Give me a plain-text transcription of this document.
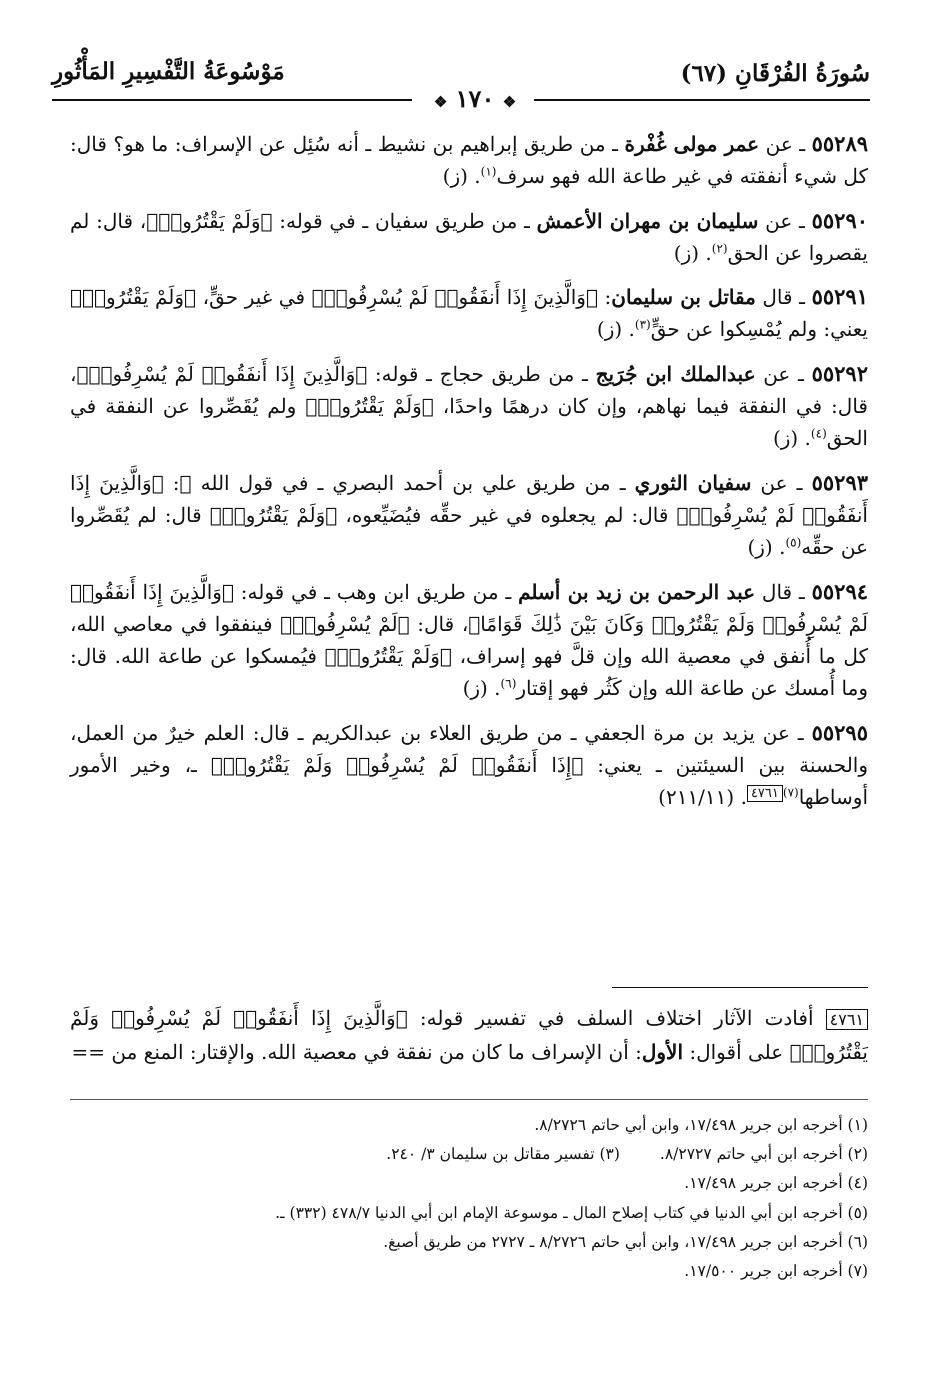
سُورَةُ الفُرْقَانِ (٦٧)
مَوْسُوعَةُ التَّفْسِيرِ المَأْثُورِ
❖ ١٧٠ ❖
٥٥٢٨٩ ـ عن عمر مولى غُفْرة ـ من طريق إبراهيم بن نشيط ـ أنه سُئِل عن الإسراف: ما هو؟ قال: كل شيء أنفقته في غير طاعة الله فهو سرف$^{(١)}$. (ز)
٥٥٢٩٠ ـ عن سليمان بن مهران الأعمش ـ من طريق سفيان ـ في قوله: ﴿وَلَمْ يَقْتُرُوا۟﴾، قال: لم يقصروا عن الحق$^{(٢)}$. (ز)
٥٥٢٩١ ـ قال مقاتل بن سليمان: ﴿وَالَّذِينَ إِذَا أَنفَقُوا۟ لَمْ يُسْرِفُوا۟﴾ في غير حقٍّ، ﴿وَلَمْ يَقْتُرُوا۟﴾ يعني: ولم يُمْسِكوا عن حقٍّ$^{(٣)}$. (ز)
٥٥٢٩٢ ـ عن عبدالملك ابن جُرَيج ـ من طريق حجاج ـ قوله: ﴿وَالَّذِينَ إِذَا أَنفَقُوا۟ لَمْ يُسْرِفُوا۟﴾، قال: في النفقة فيما نهاهم، وإن كان درهمًا واحدًا، ﴿وَلَمْ يَقْتُرُوا۟﴾ ولم يُقَصِّروا عن النفقة في الحق$^{(٤)}$. (ز)
٥٥٢٩٣ ـ عن سفيان الثوري ـ من طريق علي بن أحمد البصري ـ في قول الله ﷻ: ﴿وَالَّذِينَ إِذَا أَنفَقُوا۟ لَمْ يُسْرِفُوا۟﴾ قال: لم يجعلوه في غير حقِّه فيُضَيِّعوه، ﴿وَلَمْ يَقْتُرُوا۟﴾ قال: لم يُقَصِّروا عن حقِّه$^{(٥)}$. (ز)
٥٥٢٩٤ ـ قال عبد الرحمن بن زيد بن أسلم ـ من طريق ابن وهب ـ في قوله: ﴿وَالَّذِينَ إِذَا أَنفَقُوا۟ لَمْ يُسْرِفُوا۟ وَلَمْ يَقْتُرُوا۟ وَكَانَ بَيْنَ ذَٰلِكَ قَوَامًا﴾، قال: ﴿لَمْ يُسْرِفُوا۟﴾ فينفقوا في معاصي الله، كل ما أُنفق في معصية الله وإن قلَّ فهو إسراف، ﴿وَلَمْ يَقْتُرُوا۟﴾ فيُمسكوا عن طاعة الله. قال: وما أُمسك عن طاعة الله وإن كَثُر فهو إقتار$^{(٦)}$. (ز)
٥٥٢٩٥ ـ عن يزيد بن مرة الجعفي ـ من طريق العلاء بن عبدالكريم ـ قال: العلم خيرٌ من العمل، والحسنة بين السيئتين ـ يعني: ﴿إِذَا أَنفَقُوا۟ لَمْ يُسْرِفُوا۟ وَلَمْ يَقْتُرُوا۟﴾ ـ، وخير الأمور أوساطها$^{(٧)٤٧٦١}$. (٢١١/١١)
٤٧٦١ أفادت الآثار اختلاف السلف في تفسير قوله: ﴿وَالَّذِينَ إِذَا أَنفَقُوا۟ لَمْ يُسْرِفُوا۟ وَلَمْ يَقْتُرُوا۟﴾ على أقوال: الأول: أن الإسراف ما كان من نفقة في معصية الله. والإقتار: المنع من ==
(١) أخرجه ابن جرير ١٧/٤٩٨، وابن أبي حاتم ٨/٢٧٢٦.
(٢) أخرجه ابن أبي حاتم ٨/٢٧٢٧.(٣) تفسير مقاتل بن سليمان ٣/ ٢٤٠.
(٤) أخرجه ابن جرير ١٧/٤٩٨.
(٥) أخرجه ابن أبي الدنيا في كتاب إصلاح المال ـ موسوعة الإمام ابن أبي الدنيا ٤٧٨/٧ (٣٣٢) ـ.
(٦) أخرجه ابن جرير ١٧/٤٩٨، وابن أبي حاتم ٨/٢٧٢٦ ـ ٢٧٢٧ من طريق أصبغ.
(٧) أخرجه ابن جرير ١٧/٥٠٠.
